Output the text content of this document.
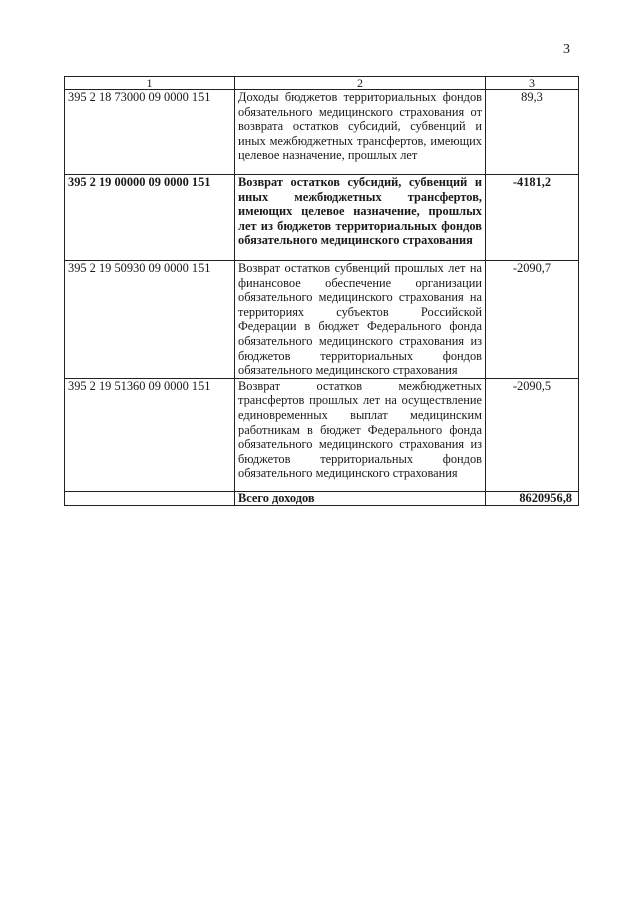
3
1	2	3
395 2 18 73000 09 0000 151	Доходы бюджетов территориальных фондов обязательного медицинского страхования от возврата остатков субсидий, субвенций и иных межбюджетных трансфертов, имеющих целевое назначение, прошлых лет	89,3
395 2 19 00000 09 0000 151	Возврат остатков субсидий, субвенций и иных межбюджетных трансфертов, имеющих целевое назначение, прошлых лет из бюджетов территориальных фондов обязательного медицинского страхования	-4181,2
395 2 19 50930 09 0000 151	Возврат остатков субвенций прошлых лет на финансовое обеспечение организации обязательного медицинского страхования на территориях субъектов Российской Федерации в бюджет Федерального фонда обязательного медицинского страхования из бюджетов территориальных фондов обязательного медицинского страхования	-2090,7
395 2 19 51360 09 0000 151	Возврат остатков межбюджетных трансфертов прошлых лет на осуществление единовременных выплат медицинским работникам в бюджет Федерального фонда обязательного медицинского страхования из бюджетов территориальных фондов обязательного медицинского страхования	-2090,5
	Всего доходов	8620956,8
